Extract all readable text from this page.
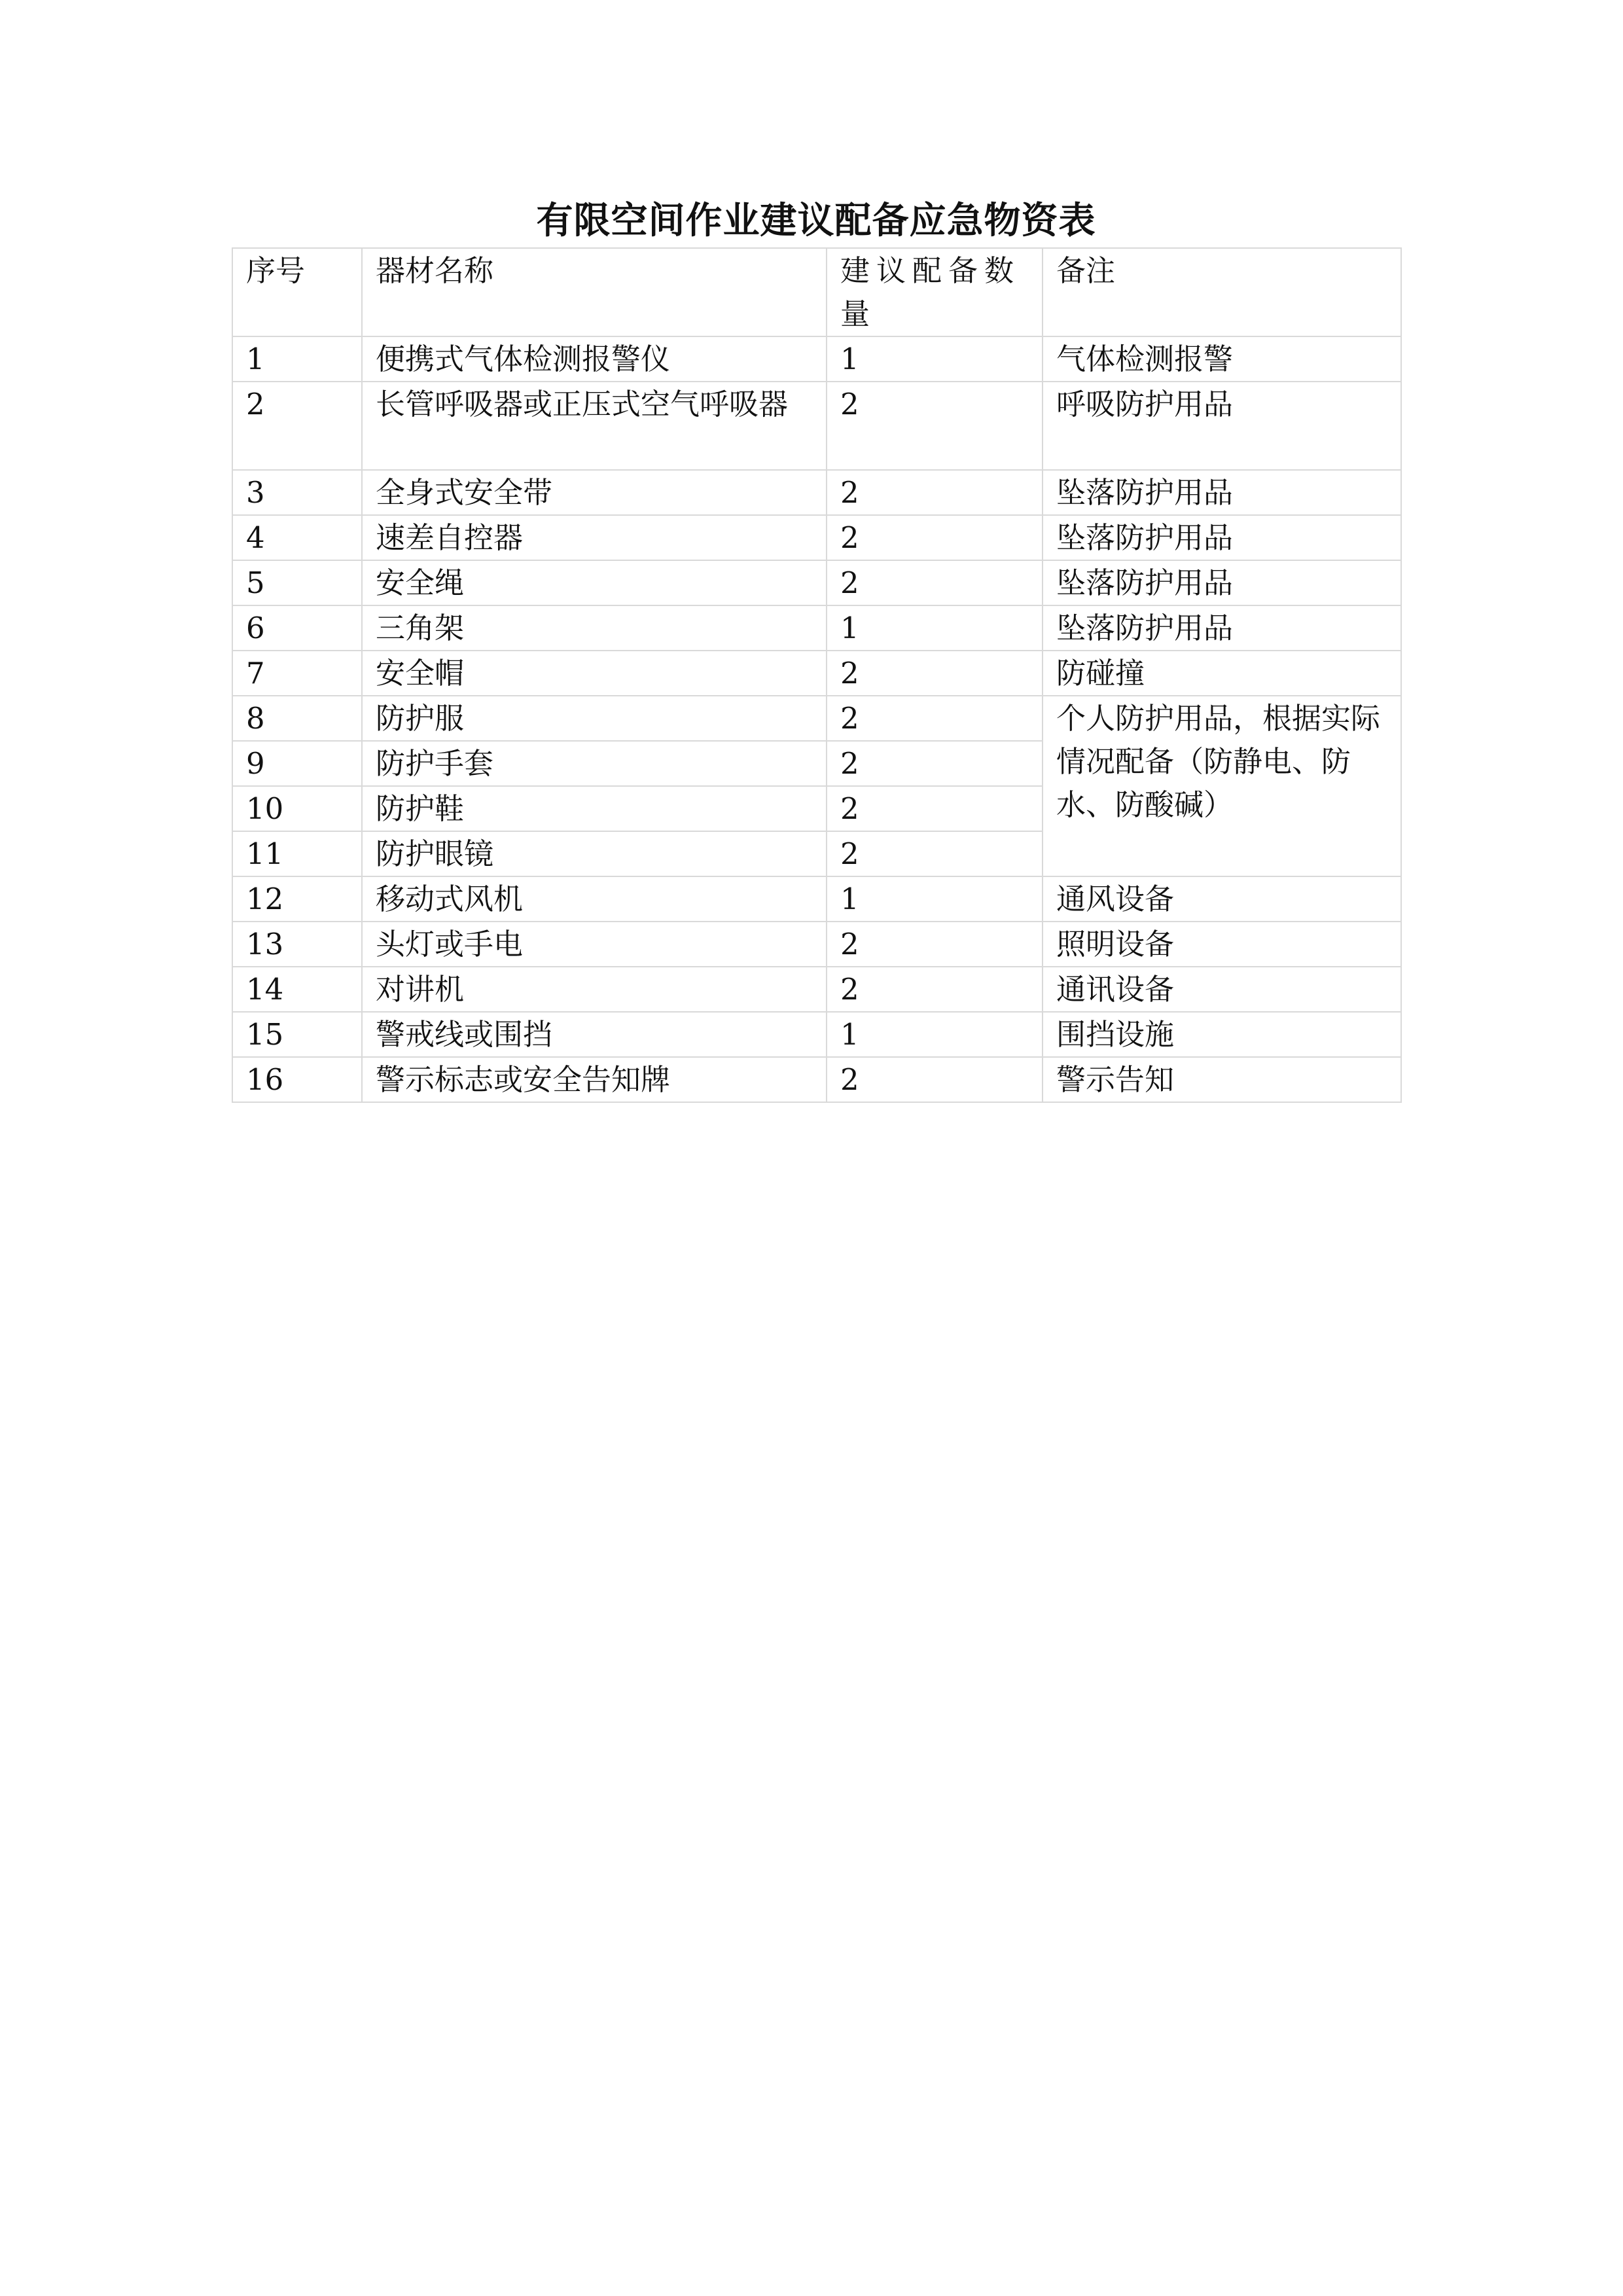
有限空间作业建议配备应急物资表
序号	器材名称	建议配备数量	备注
1	便携式气体检测报警仪	1	气体检测报警
2	长管呼吸器或正压式空气呼吸器	2	呼吸防护用品
3	全身式安全带	2	坠落防护用品
4	速差自控器	2	坠落防护用品
5	安全绳	2	坠落防护用品
6	三角架	1	坠落防护用品
7	安全帽	2	防碰撞
8	防护服	2	个人防护用品，根据实际情况配备（防静电、防水、防酸碱）
9	防护手套	2	
10	防护鞋	2	
11	防护眼镜	2	
12	移动式风机	1	通风设备
13	头灯或手电	2	照明设备
14	对讲机	2	通讯设备
15	警戒线或围挡	1	围挡设施
16	警示标志或安全告知牌	2	警示告知
